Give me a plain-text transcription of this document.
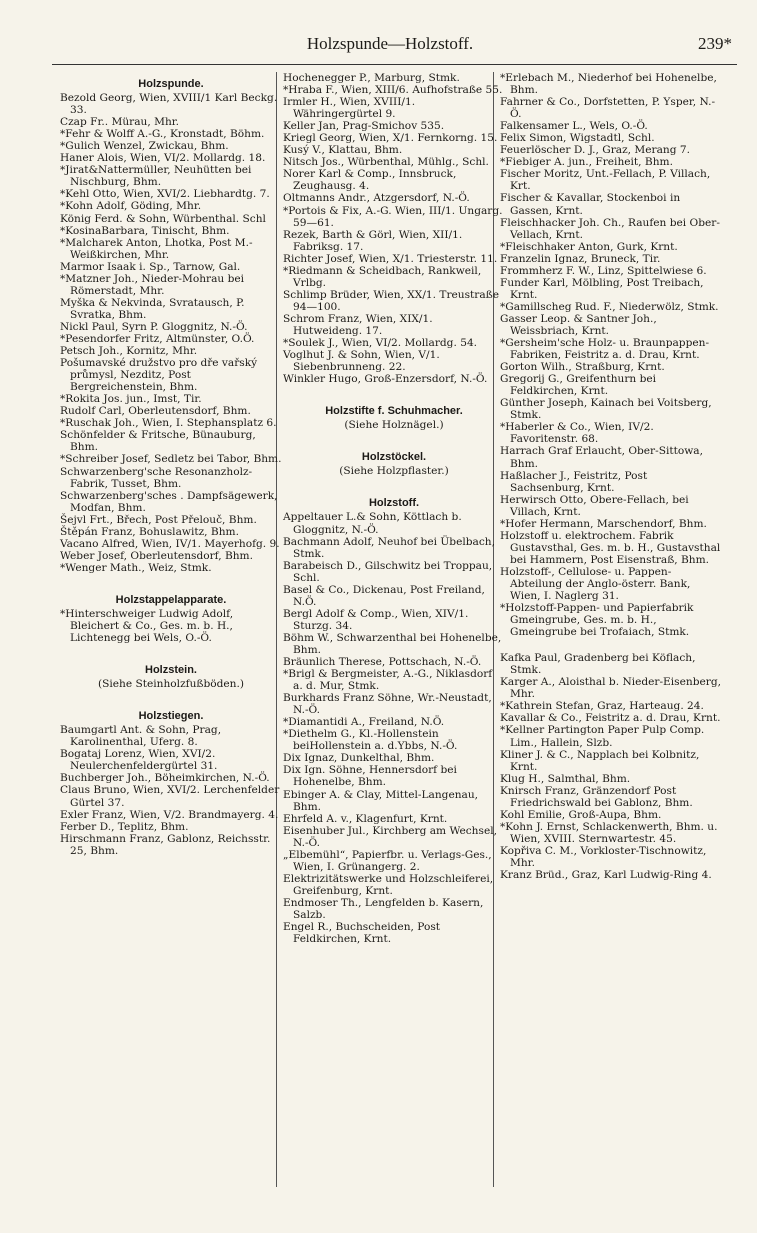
Holzspunde—Holzstoff.	239*
Holzspunde.
Bezold Georg, Wien, XVIII/1 Karl Beckg. 33.
Czap Fr.. Mürau, Mhr.
*Fehr & Wolff A.-G., Kronstadt, Böhm.
*Gulich Wenzel, Zwickau, Bhm.
Haner Alois, Wien, VI/2. Mollardg. 18.
*Jirat&Nattermüller, Neuhütten bei Nischburg, Bhm.
*Kehl Otto, Wien, XVI/2. Liebhardtg. 7.
*Kohn Adolf, Göding, Mhr.
König Ferd. & Sohn, Würbenthal. Schl
*KosinaBarbara, Tinischt, Bhm.
*Malcharek Anton, Lhotka, Post M.-Weißkirchen, Mhr.
Marmor Isaak i. Sp., Tarnow, Gal.
*Matzner Joh., Nieder-Mohrau bei Römerstadt, Mhr.
Myška & Nekvinda, Svratausch, P. Svratka, Bhm.
Nickl Paul, Syrn P. Gloggnitz, N.-Ö.
*Pesendorfer Fritz, Altmünster, O.Ö.
Petsch Joh., Kornitz, Mhr.
Pošumavské družstvo pro dře vařský průmysl, Nezditz, Post Bergreichenstein, Bhm.
*Rokita Jos. jun., Imst, Tir.
Rudolf Carl, Oberleutensdorf, Bhm.
*Ruschak Joh., Wien, I. Stephansplatz 6.
Schönfelder & Fritsche, Bünauburg, Bhm.
*Schreiber Josef, Sedletz bei Tabor, Bhm.
Schwarzenberg'sche Resonanzholz-Fabrik, Tusset, Bhm.
Schwarzenberg'sches . Dampfsägewerk, Modfan, Bhm.
Šejvl Frt., Břech, Post Přelouč, Bhm.
Štěpán Franz, Bohuslawitz, Bhm.
Vacano Alfred, Wien, IV/1. Mayerhofg. 9.
Weber Josef, Oberleutensdorf, Bhm.
*Wenger Math., Weiz, Stmk.
Holzstappelapparate.
*Hinterschweiger Ludwig Adolf, Bleichert & Co., Ges. m. b. H., Lichtenegg bei Wels, O.-Ö.
Holzstein.
(Siehe Steinholzfußböden.)
Holzstiegen.
Baumgartl Ant. & Sohn, Prag, Karolinenthal, Uferg. 8.
Bogataj Lorenz, Wien, XVI/2. Neulerchenfeldergürtel 31.
Buchberger Joh., Böheimkirchen, N.-Ö.
Claus Bruno, Wien, XVI/2. Lerchenfelder Gürtel 37.
Exler Franz, Wien, V/2. Brandmayerg. 4.
Ferber D., Teplitz, Bhm.
Hirschmann Franz, Gablonz, Reichsstr. 25, Bhm.
Hochenegger P., Marburg, Stmk.
*Hraba F., Wien, XIII/6. Aufhofstraße 55.
Irmler H., Wien, XVIII/1. Währingergürtel 9.
Keller Jan, Prag-Smichov 535.
Kriegl Georg, Wien, X/1. Fernkorng. 15.
Kusý V., Klattau, Bhm.
Nitsch Jos., Würbenthal, Mühlg., Schl.
Norer Karl & Comp., Innsbruck, Zeughausg. 4.
Oltmanns Andr., Atzgersdorf, N.-Ö.
*Portois & Fix, A.-G. Wien, III/1. Ungarg. 59—61.
Rezek, Barth & Görl, Wien, XII/1. Fabriksg. 17.
Richter Josef, Wien, X/1. Triesterstr. 11.
*Riedmann & Scheidbach, Rankweil, Vrlbg.
Schlimp Brüder, Wien, XX/1. Treustraße 94—100.
Schrom Franz, Wien, XIX/1. Hutweideng. 17.
*Soulek J., Wien, VI/2. Mollardg. 54.
Voglhut J. & Sohn, Wien, V/1. Siebenbrunneng. 22.
Winkler Hugo, Groß-Enzersdorf, N.-Ö.
Holzstifte f. Schuhmacher.
(Siehe Holznägel.)
Holzstöckel.
(Siehe Holzpflaster.)
Holzstoff.
Appeltauer L.& Sohn, Köttlach b. Gloggnitz, N.-Ö.
Bachmann Adolf, Neuhof bei Übelbach, Stmk.
Barabeisch D., Gilschwitz bei Troppau, Schl.
Basel & Co., Dickenau, Post Freiland, N.Ö.
Bergl Adolf & Comp., Wien, XIV/1. Sturzg. 34.
Böhm W., Schwarzenthal bei Hohenelbe, Bhm.
Bräunlich Therese, Pottschach, N.-Ö.
*Brigl & Bergmeister, A.-G., Niklasdorf a. d. Mur, Stmk.
Burkhards Franz Söhne, Wr.-Neustadt, N.-Ö.
*Diamantidi A., Freiland, N.Ö.
*Diethelm G., Kl.-Hollenstein beiHollenstein a. d.Ybbs, N.-Ö.
Dix Ignaz, Dunkelthal, Bhm.
Dix Ign. Söhne, Hennersdorf bei Hohenelbe, Bhm.
Ebinger A. & Clay, Mittel-Langenau, Bhm.
Ehrfeld A. v., Klagenfurt, Krnt.
Eisenhuber Jul., Kirchberg am Wechsel, N.-Ö.
„Elbemühl“, Papierfbr. u. Verlags-Ges., Wien, I. Grünangerg. 2.
Elektrizitätswerke und Holzschleiferei, Greifenburg, Krnt.
Endmoser Th., Lengfelden b. Kasern, Salzb.
Engel R., Buchscheiden, Post Feldkirchen, Krnt.
*Erlebach M., Niederhof bei Hohenelbe, Bhm.
Fahrner & Co., Dorfstetten, P. Ysper, N.-Ö.
Falkensamer L., Wels, O.-Ö.
Felix Simon, Wigstadtl, Schl.
Feuerlöscher D. J., Graz, Merang 7.
*Fiebiger A. jun., Freiheit, Bhm.
Fischer Moritz, Unt.-Fellach, P. Villach, Krt.
Fischer & Kavallar, Stockenboi in Gassen, Krnt.
Fleischhacker Joh. Ch., Raufen bei Ober-Vellach, Krnt.
*Fleischhaker Anton, Gurk, Krnt.
Franzelin Ignaz, Bruneck, Tir.
Frommherz F. W., Linz, Spittelwiese 6.
Funder Karl, Mölbling, Post Treibach, Krnt.
*Gamillscheg Rud. F., Niederwölz, Stmk.
Gasser Leop. & Santner Joh., Weissbriach, Krnt.
*Gersheim'sche Holz- u. Braunpappen-Fabriken, Feistritz a. d. Drau, Krnt.
Gorton Wilh., Straßburg, Krnt.
Gregorij G., Greifenthurn bei Feldkirchen, Krnt.
Günther Joseph, Kainach bei Voitsberg, Stmk.
*Haberler & Co., Wien, IV/2. Favoritenstr. 68.
Harrach Graf Erlaucht, Ober-Sittowa, Bhm.
Haßlacher J., Feistritz, Post Sachsenburg, Krnt.
Herwirsch Otto, Obere-Fellach, bei Villach, Krnt.
*Hofer Hermann, Marschendorf, Bhm.
Holzstoff u. elektrochem. Fabrik Gustavsthal, Ges. m. b. H., Gustavsthal bei Hammern, Post Eisenstraß, Bhm.
Holzstoff-, Cellulose- u. Pappen-Abteilung der Anglo-österr. Bank, Wien, I. Naglerg 31.
*Holzstoff-Pappen- und Papierfabrik Gmeingrube, Ges. m. b. H., Gmeingrube bei Trofaiach, Stmk.
Kafka Paul, Gradenberg bei Köflach, Stmk.
Karger A., Aloisthal b. Nieder-Eisenberg, Mhr.
*Kathrein Stefan, Graz, Harteaug. 24.
Kavallar & Co., Feistritz a. d. Drau, Krnt.
*Kellner Partington Paper Pulp Comp. Lim., Hallein, Slzb.
Kliner J. & C., Napplach bei Kolbnitz, Krnt.
Klug H., Salmthal, Bhm.
Knirsch Franz, Gränzendorf Post Friedrichswald bei Gablonz, Bhm.
Kohl Emilie, Groß-Aupa, Bhm.
*Kohn J. Ernst, Schlackenwerth, Bhm. u. Wien, XVIII. Sternwartestr. 45.
Kopřiva C. M., Vorkloster-Tischnowitz, Mhr.
Kranz Brüd., Graz, Karl Ludwig-Ring 4.
